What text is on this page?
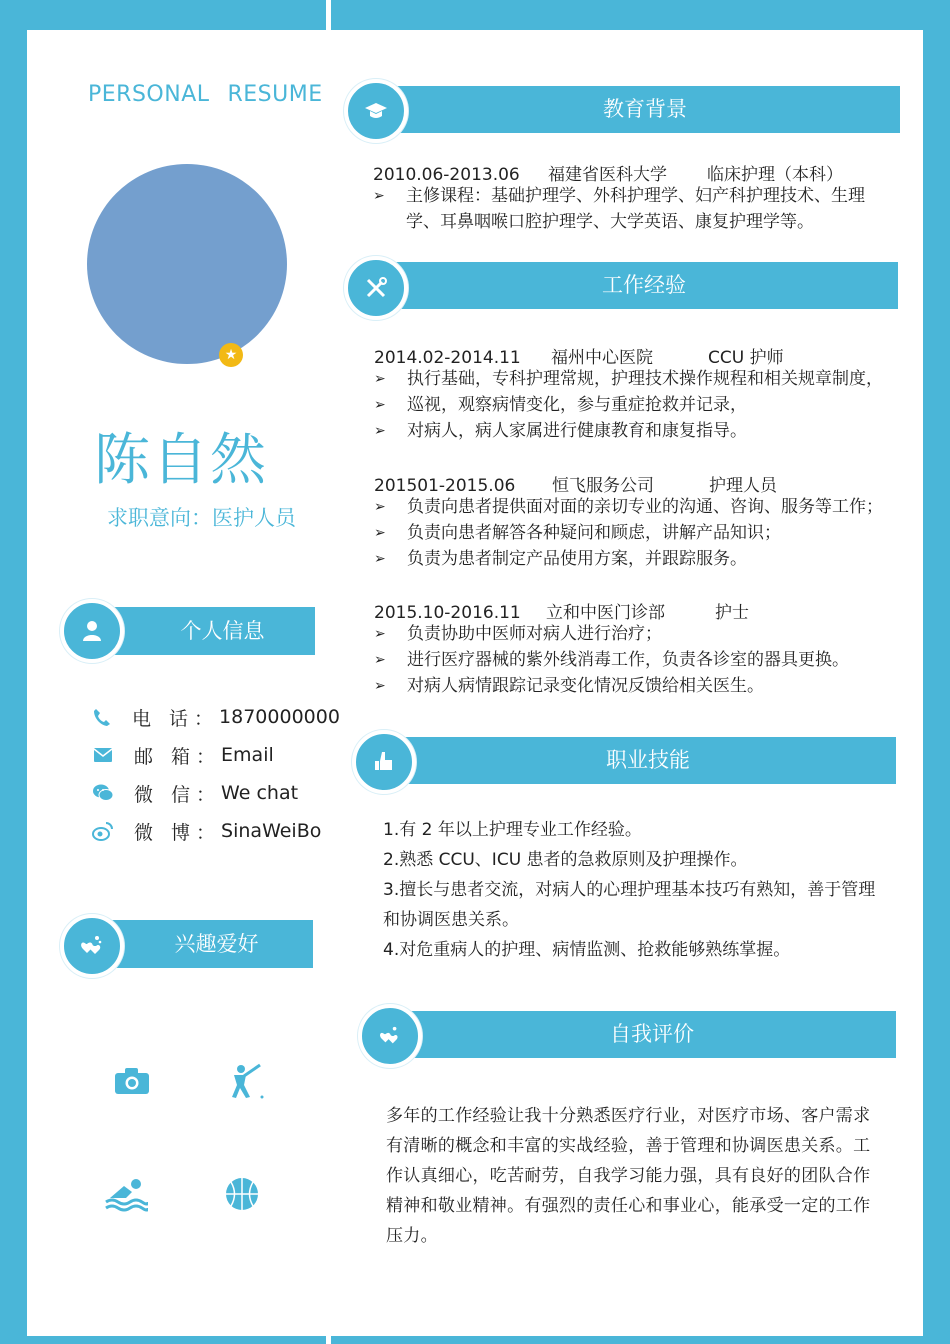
PERSONAL RESUME
★
陈自然
求职意向：医护人员
个人信息
电 话： 1870000000
邮 箱： Email
微 信： We chat
微 博： SinaWeiBo
兴趣爱好
教育背景
2010.06-2013.06 福建省医科大学 临床护理（本科）
➢ 主修课程：基础护理学、外科护理学、妇产科护理技术、生理学、耳鼻咽喉口腔护理学、大学英语、康复护理学等。
工作经验
2014.02-2014.11 福州中心医院	CCU 护师
➢ 执行基础，专科护理常规，护理技术操作规程和相关规章制度，
➢ 巡视，观察病情变化，参与重症抢救并记录，
➢ 对病人，病人家属进行健康教育和康复指导。
201501-2015.06 恒飞服务公司	护理人员
➢ 负责向患者提供面对面的亲切专业的沟通、咨询、服务等工作；
➢ 负责向患者解答各种疑问和顾虑，讲解产品知识；
➢ 负责为患者制定产品使用方案，并跟踪服务。
2015.10-2016.11 立和中医门诊部	护士
➢ 负责协助中医师对病人进行治疗；
➢ 进行医疗器械的紫外线消毒工作，负责各诊室的器具更换。
➢ 对病人病情跟踪记录变化情况反馈给相关医生。
职业技能
1.有 2 年以上护理专业工作经验。
2.熟悉 CCU、ICU 患者的急救原则及护理操作。
3.擅长与患者交流，对病人的心理护理基本技巧有熟知，善于管理和协调医患关系。
4.对危重病人的护理、病情监测、抢救能够熟练掌握。
自我评价
多年的工作经验让我十分熟悉医疗行业，对医疗市场、客户需求有清晰的概念和丰富的实战经验，善于管理和协调医患关系。工作认真细心，吃苦耐劳，自我学习能力强，具有良好的团队合作精神和敬业精神。有强烈的责任心和事业心，能承受一定的工作压力。
